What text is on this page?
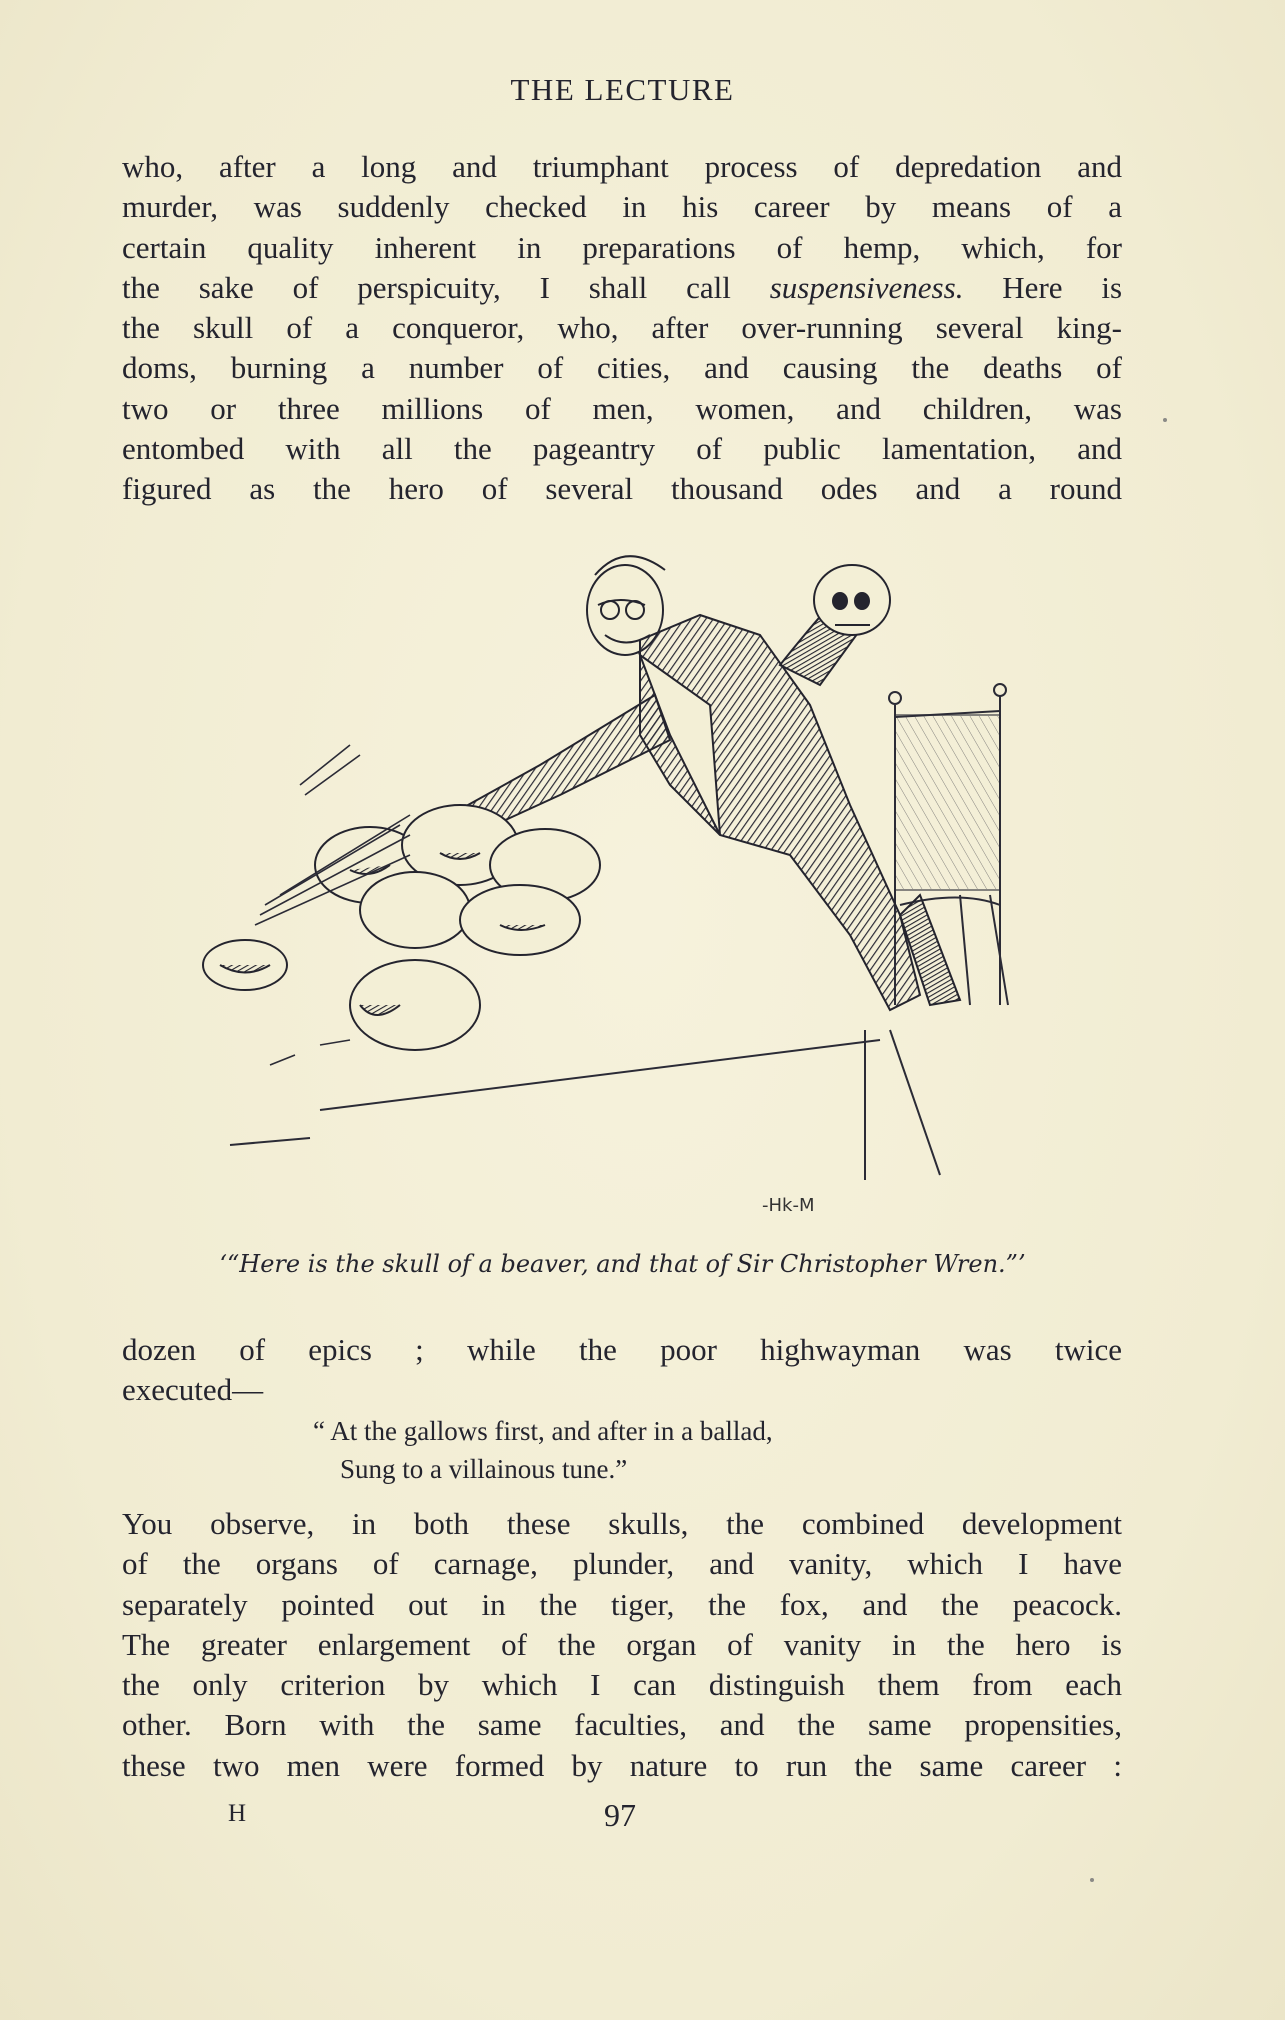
THE LECTURE
who, after a long and triumphant process of depredation and
murder, was suddenly checked in his career by means of a
certain quality inherent in preparations of hemp, which, for
the sake of perspicuity, I shall call suspensiveness. Here is
the skull of a conqueror, who, after over-running several king-
doms, burning a number of cities, and causing the deaths of
two or three millions of men, women, and children, was
entombed with all the pageantry of public lamentation, and
figured as the hero of several thousand odes and a round
-Hk-M
‘“Here is the skull of a beaver, and that of Sir Christopher Wren.”’
dozen of epics ; while the poor highwayman was twice
executed—
“ At the gallows first, and after in a ballad,
Sung to a villainous tune.”
You observe, in both these skulls, the combined development
of the organs of carnage, plunder, and vanity, which I have
separately pointed out in the tiger, the fox, and the peacock.
The greater enlargement of the organ of vanity in the hero is
the only criterion by which I can distinguish them from each
other. Born with the same faculties, and the same propensities,
these two men were formed by nature to run the same career :
H	97
